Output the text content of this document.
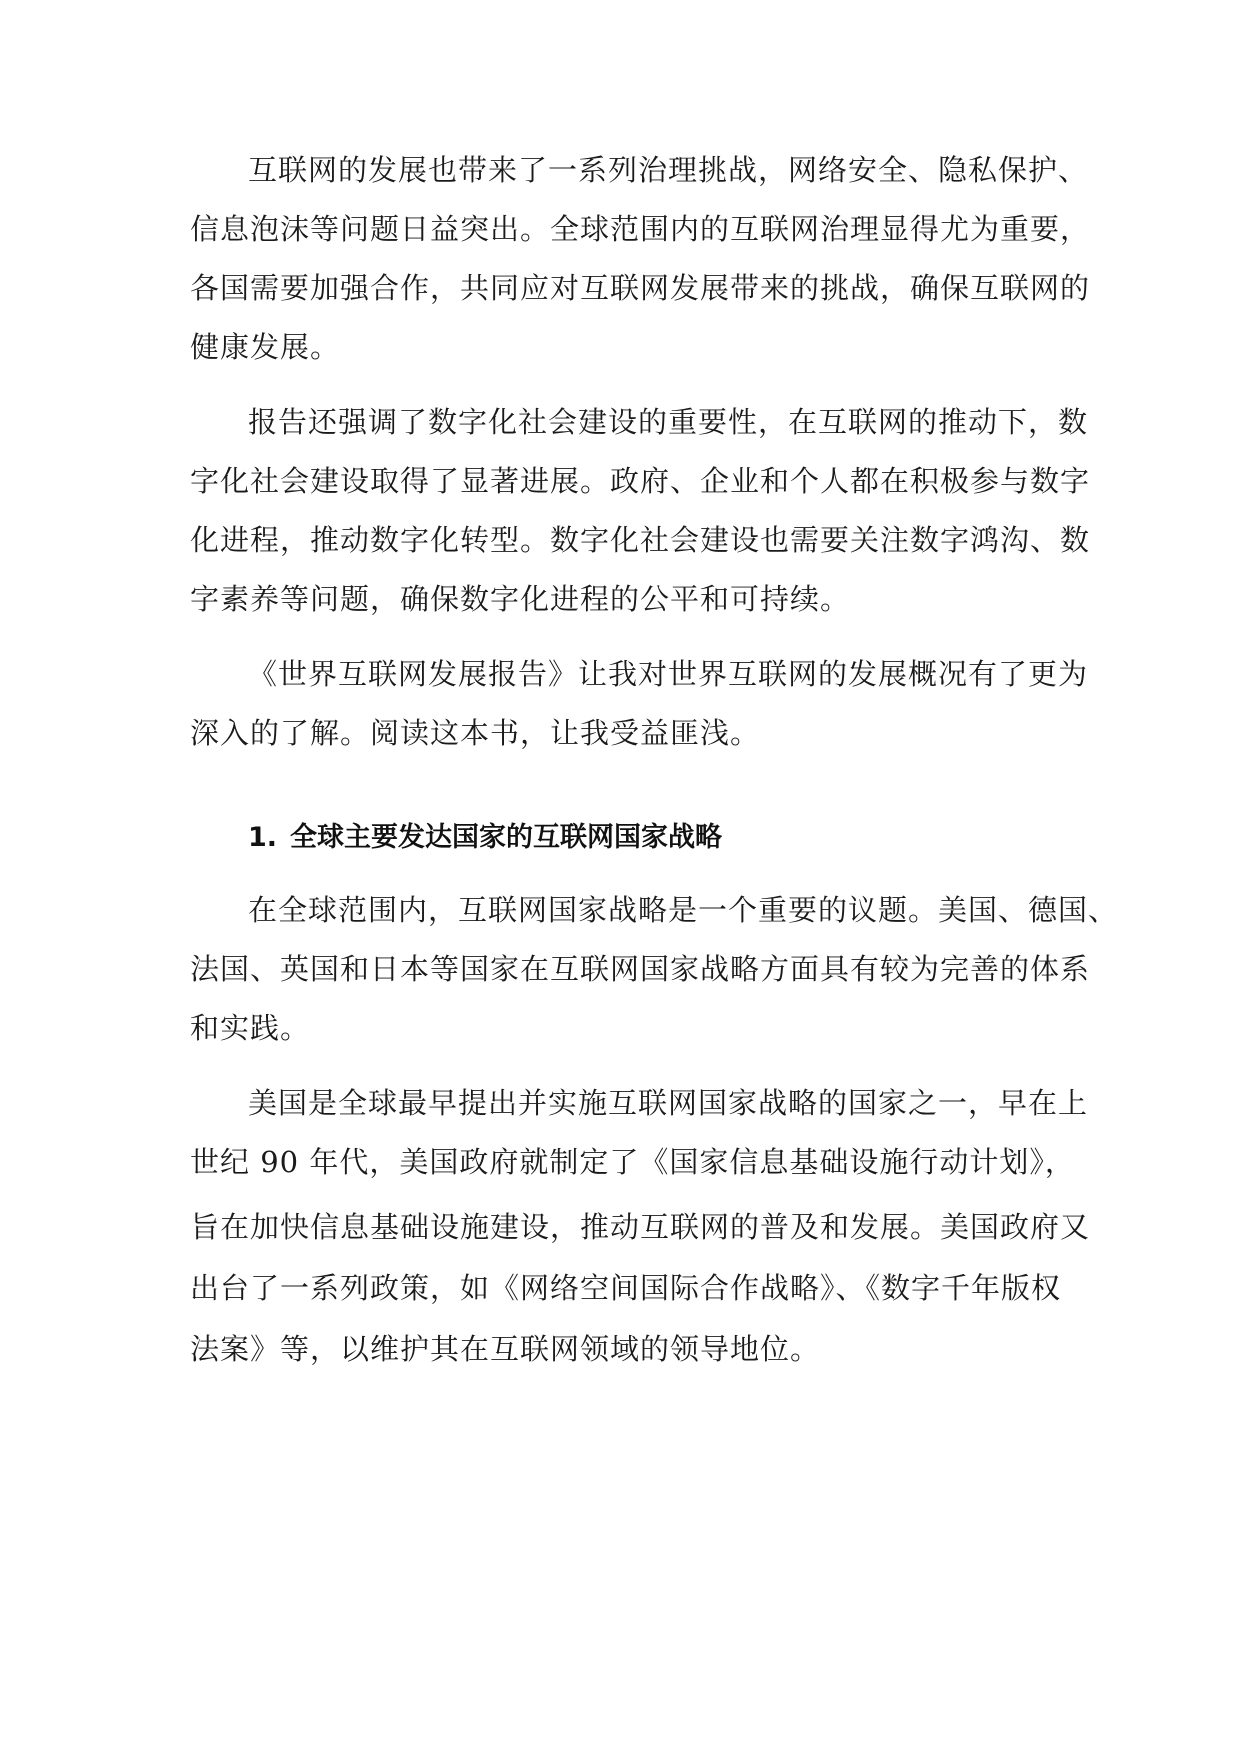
互联网的发展也带来了一系列治理挑战，网络安全、隐私保护、
信息泡沫等问题日益突出。全球范围内的互联网治理显得尤为重要，
各国需要加强合作，共同应对互联网发展带来的挑战，确保互联网的
健康发展。
报告还强调了数字化社会建设的重要性，在互联网的推动下，数
字化社会建设取得了显著进展。政府、企业和个人都在积极参与数字
化进程，推动数字化转型。数字化社会建设也需要关注数字鸿沟、数
字素养等问题，确保数字化进程的公平和可持续。
《世界互联网发展报告》让我对世界互联网的发展概况有了更为
深入的了解。阅读这本书，让我受益匪浅。
1. 全球主要发达国家的互联网国家战略
在全球范围内，互联网国家战略是一个重要的议题。美国、德国、
法国、英国和日本等国家在互联网国家战略方面具有较为完善的体系
和实践。
美国是全球最早提出并实施互联网国家战略的国家之一，早在上
世纪 90 年代，美国政府就制定了《国家信息基础设施行动计划》，
旨在加快信息基础设施建设，推动互联网的普及和发展。美国政府又
出台了一系列政策，如《网络空间国际合作战略》、《数字千年版权
法案》等，以维护其在互联网领域的领导地位。
